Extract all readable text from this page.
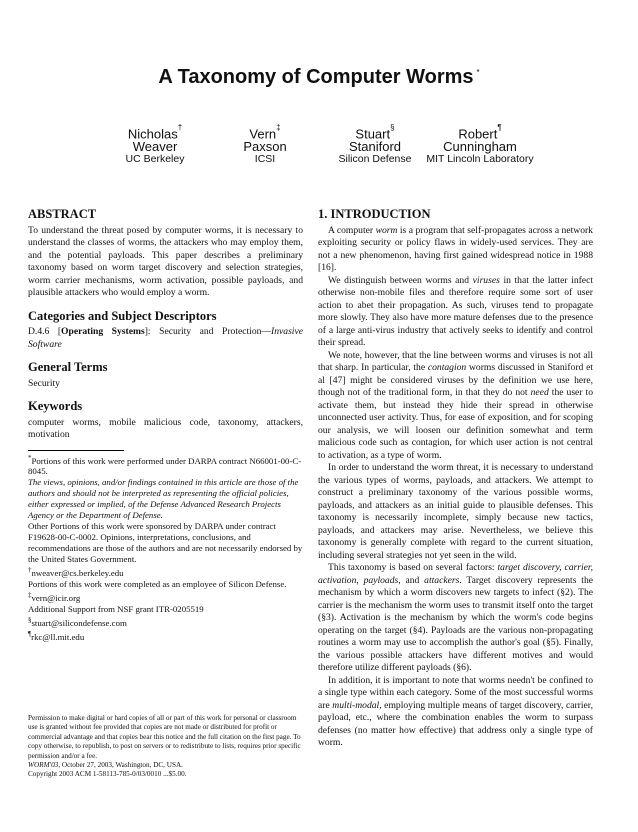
A Taxonomy of Computer Worms *
Nicholas†
Weaver
UC Berkeley
Vern‡
Paxson
ICSI
Stuart§
Staniford
Silicon Defense
Robert¶
Cunningham
MIT Lincoln Laboratory
ABSTRACT

To understand the threat posed by computer worms, it is necessary to understand the classes of worms, the attackers who may employ them, and the potential payloads. This paper describes a preliminary taxonomy based on worm target discovery and selection strategies, worm carrier mechanisms, worm activation, possible payloads, and plausible attackers who would employ a worm.

Categories and Subject Descriptors

D.4.6 [Operating Systems]: Security and Protection—Invasive Software

General Terms

Security

Keywords

computer worms, mobile malicious code, taxonomy, attackers, motivation

*Portions of this work were performed under DARPA contract N66001-00-C-8045.
The views, opinions, and/or findings contained in this article are those of the authors and should not be interpreted as representing the official policies, either expressed or implied, of the Defense Advanced Research Projects Agency or the Department of Defense.
Other Portions of this work were sponsored by DARPA under contract F19628-00-C-0002. Opinions, interpretations, conclusions, and recommendations are those of the authors and are not necessarily endorsed by the United States Government.
†nweaver@cs.berkeley.edu
Portions of this work were completed as an employee of Silicon Defense.
‡vern@icir.org
Additional Support from NSF grant ITR-0205519
§stuart@silicondefense.com
¶rkc@ll.mit.edu
Permission to make digital or hard copies of all or part of this work for personal or classroom use is granted without fee provided that copies are not made or distributed for profit or commercial advantage and that copies bear this notice and the full citation on the first page. To copy otherwise, to republish, to post on servers or to redistribute to lists, requires prior specific permission and/or a fee.
WORM'03, October 27, 2003, Washington, DC, USA.
Copyright 2003 ACM 1-58113-785-0/03/0010 ...$5.00.
1. INTRODUCTION

A computer worm is a program that self-propagates across a network exploiting security or policy flaws in widely-used services. They are not a new phenomenon, having first gained widespread notice in 1988 [16].

We distinguish between worms and viruses in that the latter infect otherwise non-mobile files and therefore require some sort of user action to abet their propagation. As such, viruses tend to propagate more slowly. They also have more mature defenses due to the presence of a large anti-virus industry that actively seeks to identify and control their spread.

We note, however, that the line between worms and viruses is not all that sharp. In particular, the contagion worms discussed in Staniford et al [47] might be considered viruses by the definition we use here, though not of the traditional form, in that they do not need the user to activate them, but instead they hide their spread in otherwise unconnected user activity. Thus, for ease of exposition, and for scoping our analysis, we will loosen our definition somewhat and term malicious code such as contagion, for which user action is not central to activation, as a type of worm.

In order to understand the worm threat, it is necessary to understand the various types of worms, payloads, and attackers. We attempt to construct a preliminary taxonomy of the various possible worms, payloads, and attackers as an initial guide to plausible defenses. This taxonomy is necessarily incomplete, simply because new tactics, payloads, and attackers may arise. Nevertheless, we believe this taxonomy is generally complete with regard to the current situation, including several strategies not yet seen in the wild.

This taxonomy is based on several factors: target discovery, carrier, activation, payloads, and attackers. Target discovery represents the mechanism by which a worm discovers new targets to infect (§2). The carrier is the mechanism the worm uses to transmit itself onto the target (§3). Activation is the mechanism by which the worm's code begins operating on the target (§4). Payloads are the various non-propagating routines a worm may use to accomplish the author's goal (§5). Finally, the various possible attackers have different motives and would therefore utilize different payloads (§6).

In addition, it is important to note that worms needn't be confined to a single type within each category. Some of the most successful worms are multi-modal, employing multiple means of target discovery, carrier, payload, etc., where the combination enables the worm to surpass defenses (no matter how effective) that address only a single type of worm.
